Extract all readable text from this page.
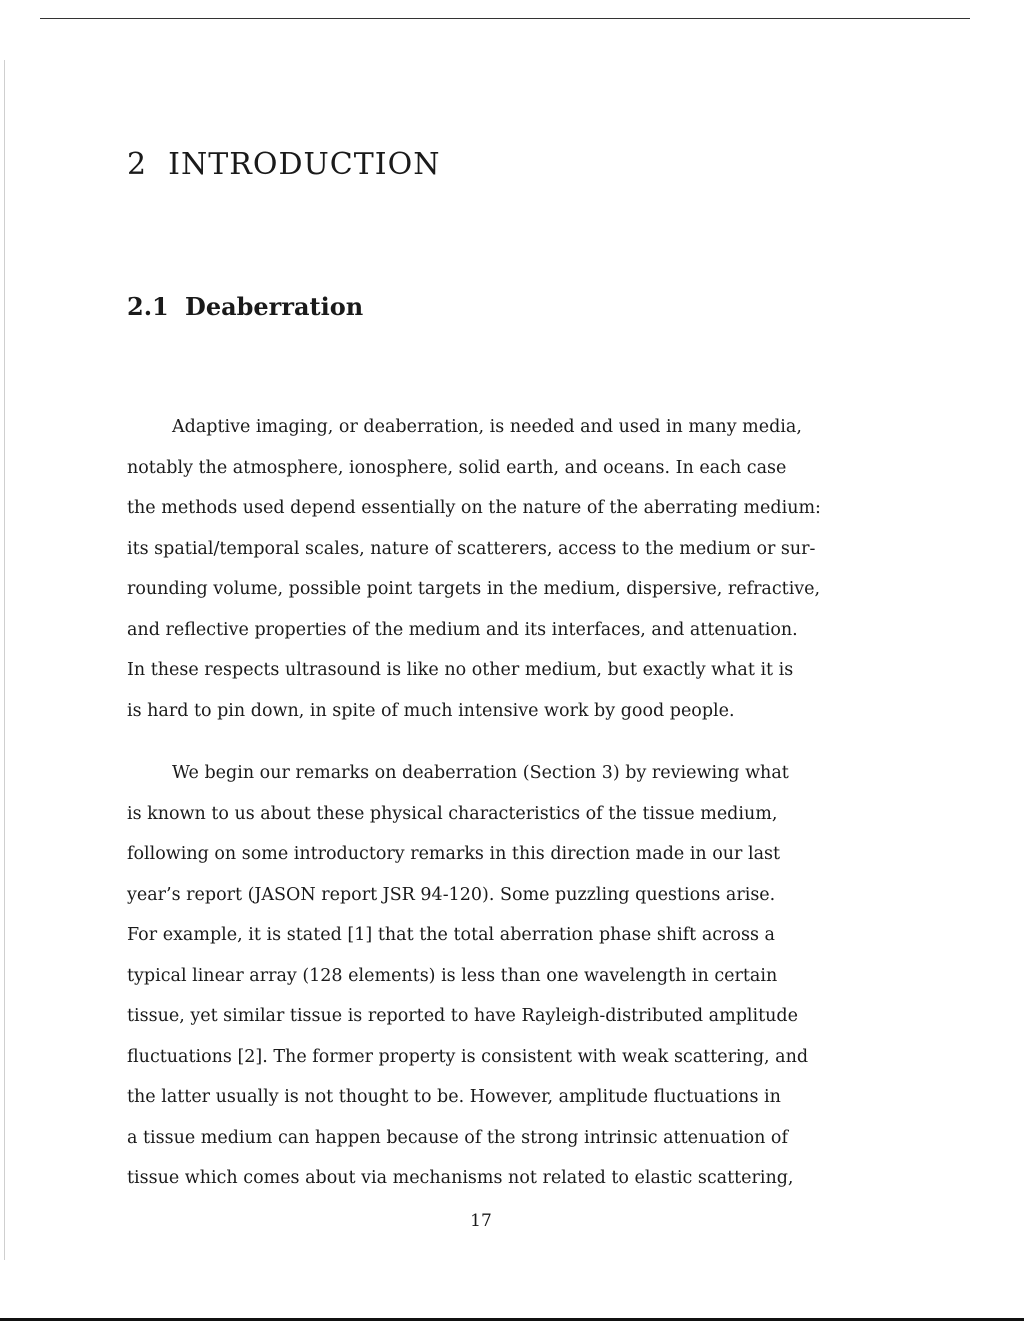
2 INTRODUCTION
2.1 Deaberration
Adaptive imaging, or deaberration, is needed and used in many media,
notably the atmosphere, ionosphere, solid earth, and oceans. In each case
the methods used depend essentially on the nature of the aberrating medium:
its spatial/temporal scales, nature of scatterers, access to the medium or sur-
rounding volume, possible point targets in the medium, dispersive, refractive,
and reflective properties of the medium and its interfaces, and attenuation.
In these respects ultrasound is like no other medium, but exactly what it is
is hard to pin down, in spite of much intensive work by good people.
We begin our remarks on deaberration (Section 3) by reviewing what
is known to us about these physical characteristics of the tissue medium,
following on some introductory remarks in this direction made in our last
year’s report (JASON report JSR 94-120). Some puzzling questions arise.
For example, it is stated [1] that the total aberration phase shift across a
typical linear array (128 elements) is less than one wavelength in certain
tissue, yet similar tissue is reported to have Rayleigh-distributed amplitude
fluctuations [2]. The former property is consistent with weak scattering, and
the latter usually is not thought to be. However, amplitude fluctuations in
a tissue medium can happen because of the strong intrinsic attenuation of
tissue which comes about via mechanisms not related to elastic scattering,

17
